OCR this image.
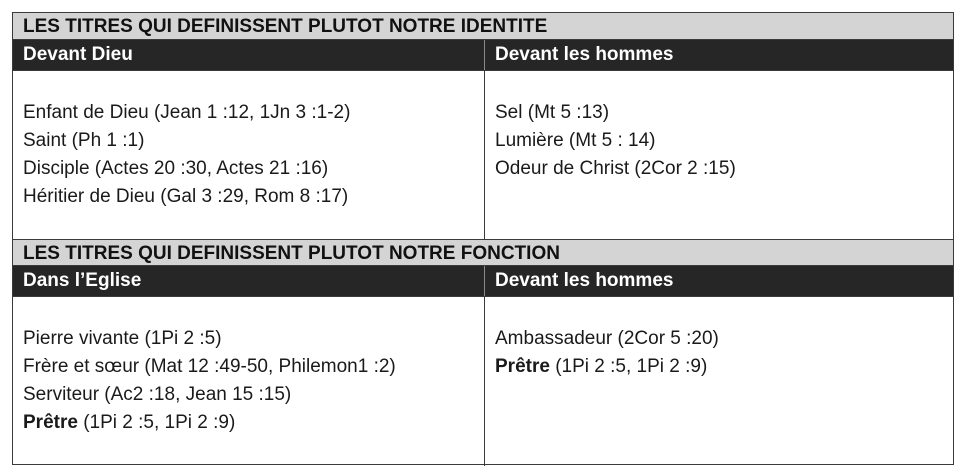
LES TITRES QUI DEFINISSENT PLUTOT NOTRE IDENTITE
Devant Dieu	Devant les hommes
Enfant de Dieu (Jean 1 :12, 1Jn 3 :1-2)
Saint (Ph 1 :1)
Disciple (Actes 20 :30, Actes 21 :16)
Héritier de Dieu (Gal 3 :29, Rom 8 :17)
Sel (Mt 5 :13)
Lumière (Mt 5 : 14)
Odeur de Christ (2Cor 2 :15)
LES TITRES QUI DEFINISSENT PLUTOT NOTRE FONCTION
Dans l’Eglise	Devant les hommes
Pierre vivante (1Pi 2 :5)
Frère et sœur (Mat 12 :49-50, Philemon1 :2)
Serviteur (Ac2 :18, Jean 15 :15)
Prêtre (1Pi 2 :5, 1Pi 2 :9)
Ambassadeur (2Cor 5 :20)
Prêtre (1Pi 2 :5, 1Pi 2 :9)
